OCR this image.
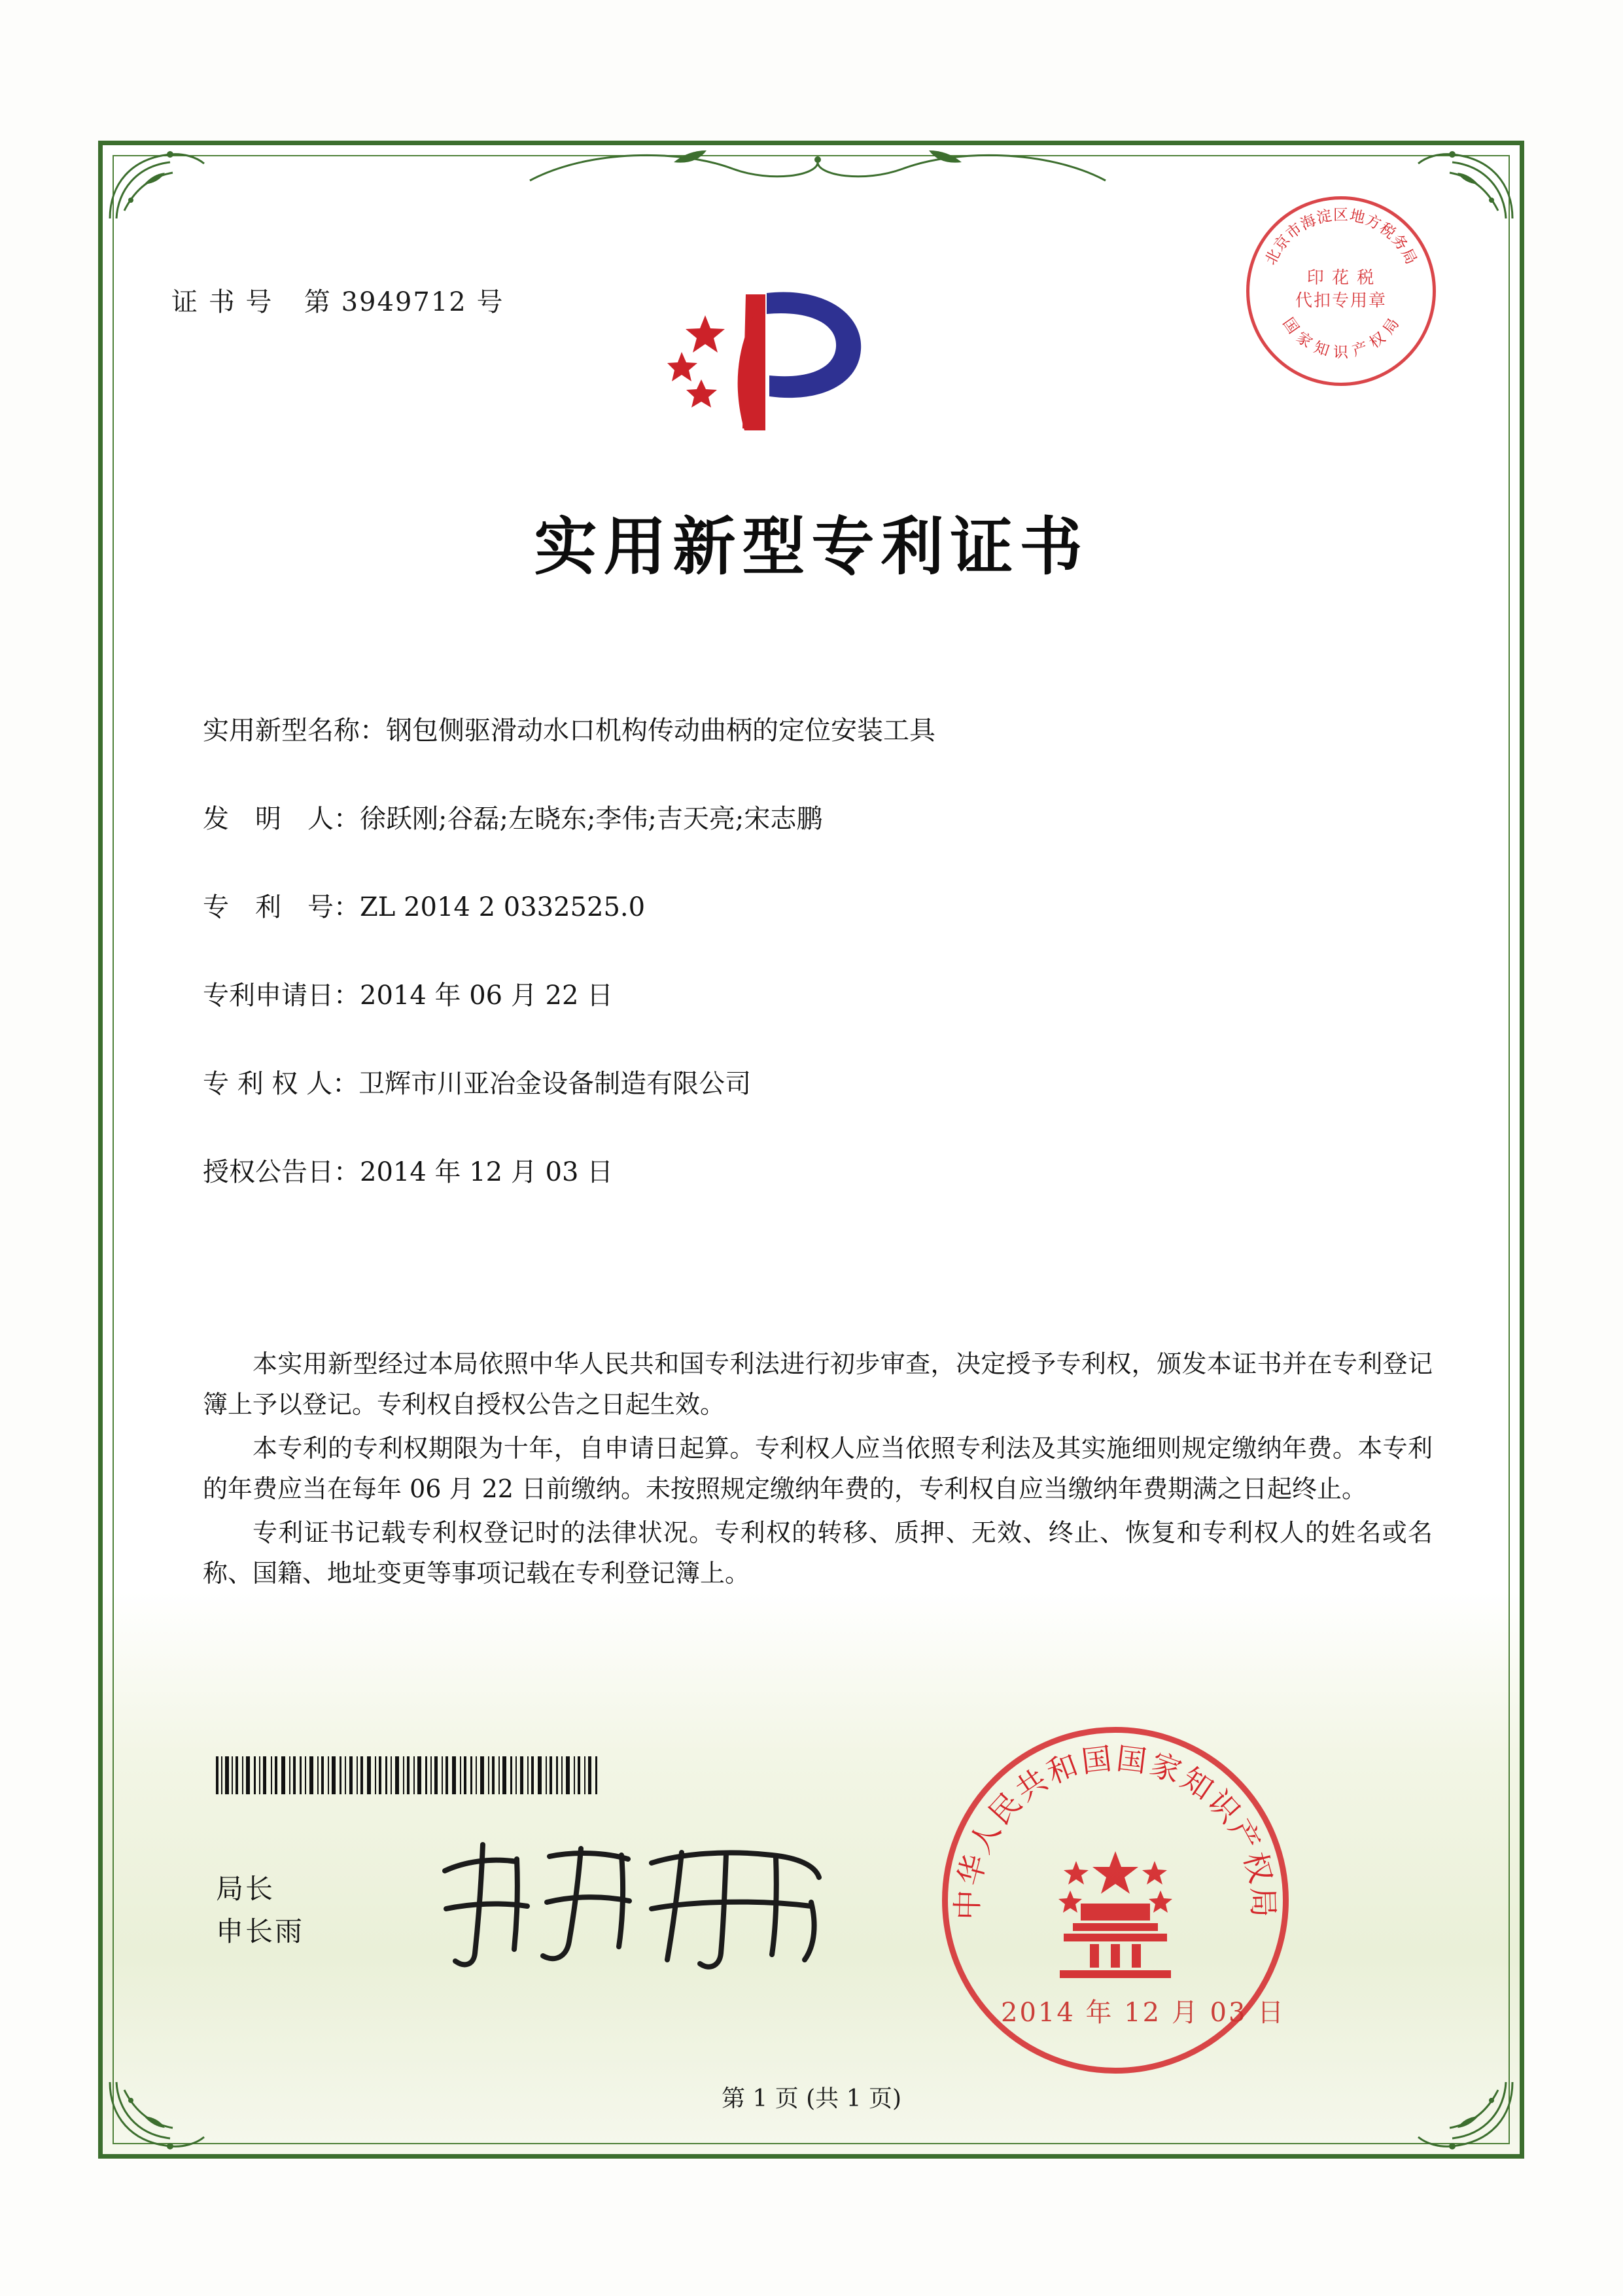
证 书 号 第 3949712 号
北京市海淀区地方税务局
国 家 知 识 产 权 局
印 花 税
代扣专用章
实用新型专利证书
实用新型名称：钢包侧驱滑动水口机构传动曲柄的定位安装工具
发　明　人：徐跃刚;谷磊;左晓东;李伟;吉天亮;宋志鹏
专　利　号：ZL 2014 2 0332525.0
专利申请日：2014 年 06 月 22 日
专 利 权 人：卫辉市川亚冶金设备制造有限公司
授权公告日：2014 年 12 月 03 日

本实用新型经过本局依照中华人民共和国专利法进行初步审查，决定授予专利权，颁发本证书并在专利登记簿上予以登记。专利权自授权公告之日起生效。

本专利的专利权期限为十年，自申请日起算。专利权人应当依照专利法及其实施细则规定缴纳年费。本专利的年费应当在每年 06 月 22 日前缴纳。未按照规定缴纳年费的，专利权自应当缴纳年费期满之日起终止。

专利证书记载专利权登记时的法律状况。专利权的转移、质押、无效、终止、恢复和专利权人的姓名或名称、国籍、地址变更等事项记载在专利登记簿上。

局长
申长雨
中华人民共和国国家知识产权局
2014 年 12 月 03 日
第 1 页 (共 1 页)
